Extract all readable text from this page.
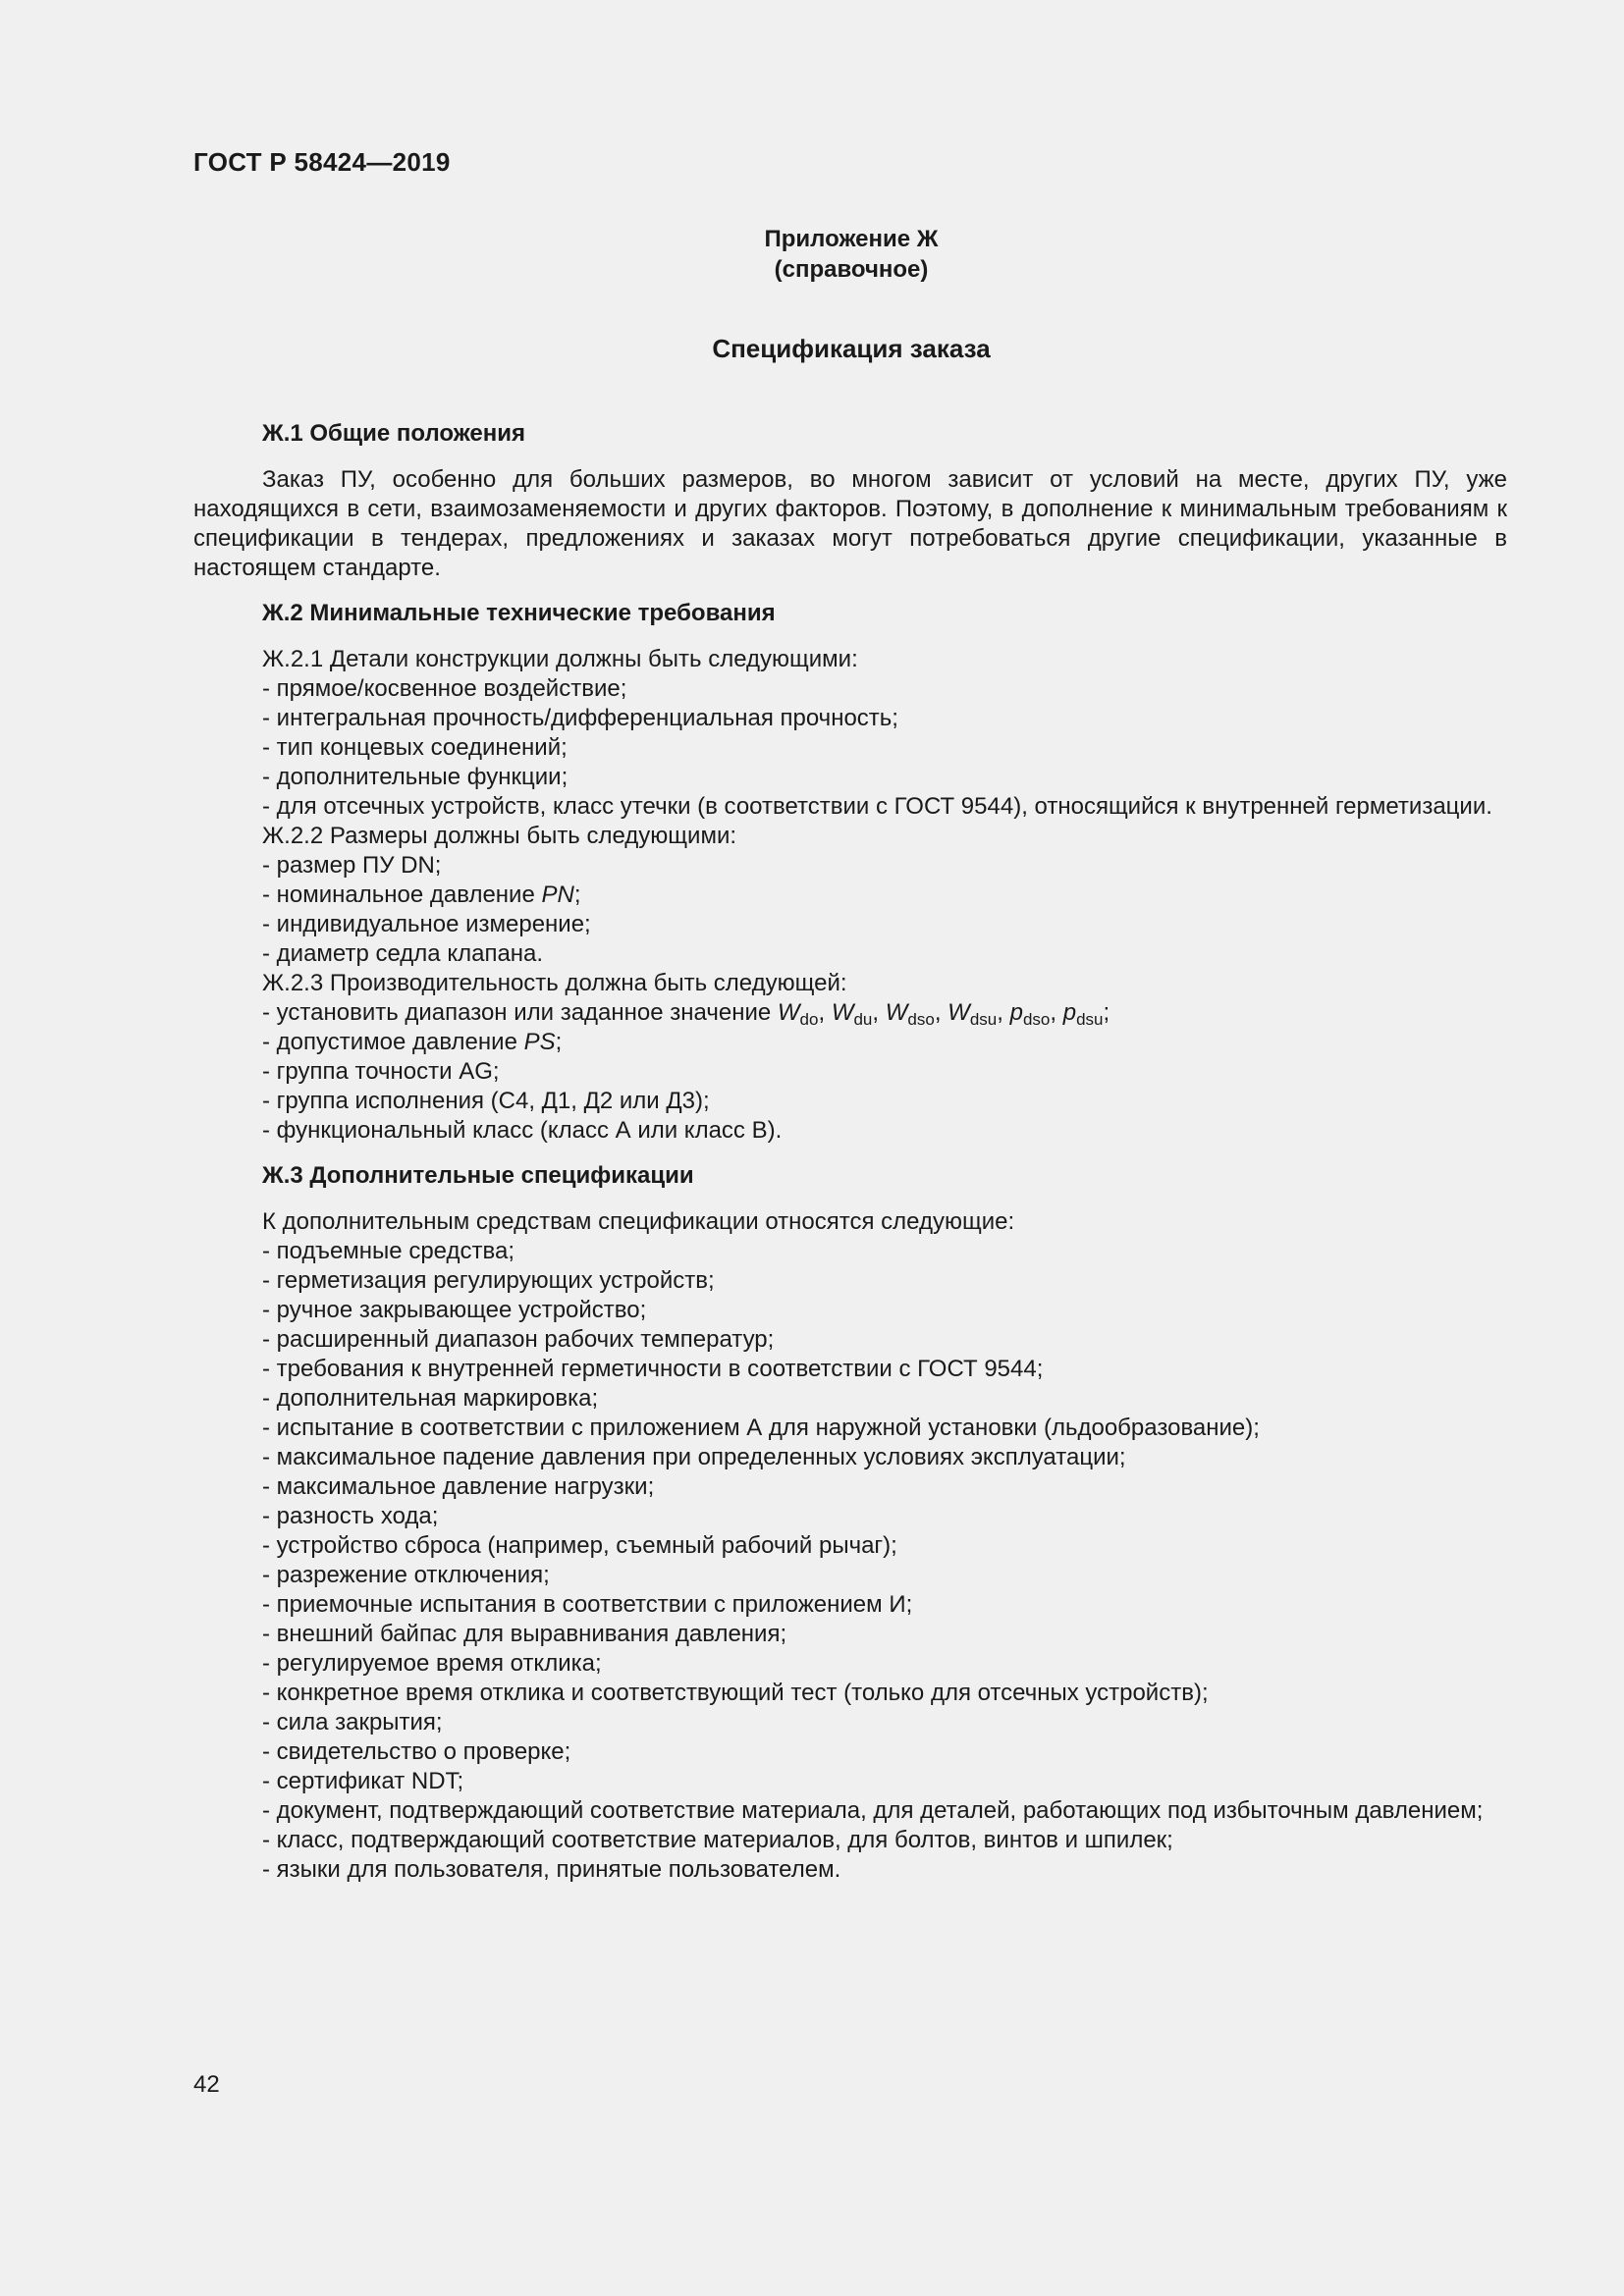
ГОСТ Р 58424—2019
Приложение Ж
(справочное)
Спецификация заказа
Ж.1 Общие положения
Заказ ПУ, особенно для больших размеров, во многом зависит от условий на месте, других ПУ, уже находящихся в сети, взаимозаменяемости и других факторов. Поэтому, в дополнение к минимальным требованиям к спецификации в тендерах, предложениях и заказах могут потребоваться другие спецификации, указанные в настоящем стандарте.
Ж.2 Минимальные технические требования
Ж.2.1 Детали конструкции должны быть следующими:
- прямое/косвенное воздействие;
- интегральная прочность/дифференциальная прочность;
- тип концевых соединений;
- дополнительные функции;
- для отсечных устройств, класс утечки (в соответствии с ГОСТ 9544), относящийся к внутренней герметизации.
Ж.2.2 Размеры должны быть следующими:
- размер ПУ DN;
- номинальное давление PN;
- индивидуальное измерение;
- диаметр седла клапана.
Ж.2.3 Производительность должна быть следующей:
- установить диапазон или заданное значение $W_{do}$, $W_{du}$, $W_{dso}$, $W_{dsu}$, $p_{dso}$, $p_{dsu}$;
- допустимое давление PS;
- группа точности AG;
- группа исполнения (С4, Д1, Д2 или Д3);
- функциональный класс (класс А или класс В).
Ж.3 Дополнительные спецификации
К дополнительным средствам спецификации относятся следующие:
- подъемные средства;
- герметизация регулирующих устройств;
- ручное закрывающее устройство;
- расширенный диапазон рабочих температур;
- требования к внутренней герметичности в соответствии с ГОСТ 9544;
- дополнительная маркировка;
- испытание в соответствии с приложением А для наружной установки (льдообразование);
- максимальное падение давления при определенных условиях эксплуатации;
- максимальное давление нагрузки;
- разность хода;
- устройство сброса (например, съемный рабочий рычаг);
- разрежение отключения;
- приемочные испытания в соответствии с приложением И;
- внешний байпас для выравнивания давления;
- регулируемое время отклика;
- конкретное время отклика и соответствующий тест (только для отсечных устройств);
- сила закрытия;
- свидетельство о проверке;
- сертификат NDT;
- документ, подтверждающий соответствие материала, для деталей, работающих под избыточным давлением;
- класс, подтверждающий соответствие материалов, для болтов, винтов и шпилек;
- языки для пользователя, принятые пользователем.
42
